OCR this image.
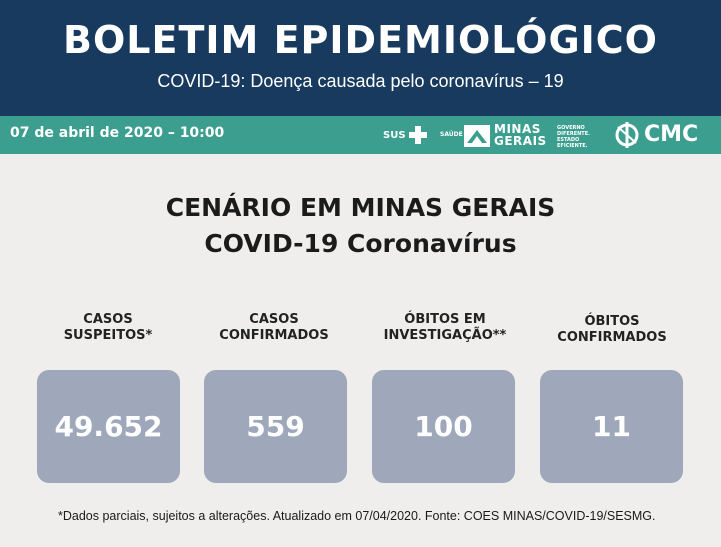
BOLETIM EPIDEMIOLÓGICO
COVID-19: Doença causada pelo coronavírus – 19
07 de abril de 2020 – 10:00	SUS	SAÚDE	MINAS
GERAIS
GOVERNO
DIFERENTE.
ESTADO
EFICIENTE.	CMC
CENÁRIO EM MINAS GERAIS
COVID-19 Coronavírus
CASOS
SUSPEITOS*
CASOS
CONFIRMADOS
ÓBITOS EM
INVESTIGAÇÃO**
ÓBITOS
CONFIRMADOS
49.652	559	100	11
*Dados parciais, sujeitos a alterações. Atualizado em 07/04/2020. Fonte: COES MINAS/COVID-19/SESMG.
